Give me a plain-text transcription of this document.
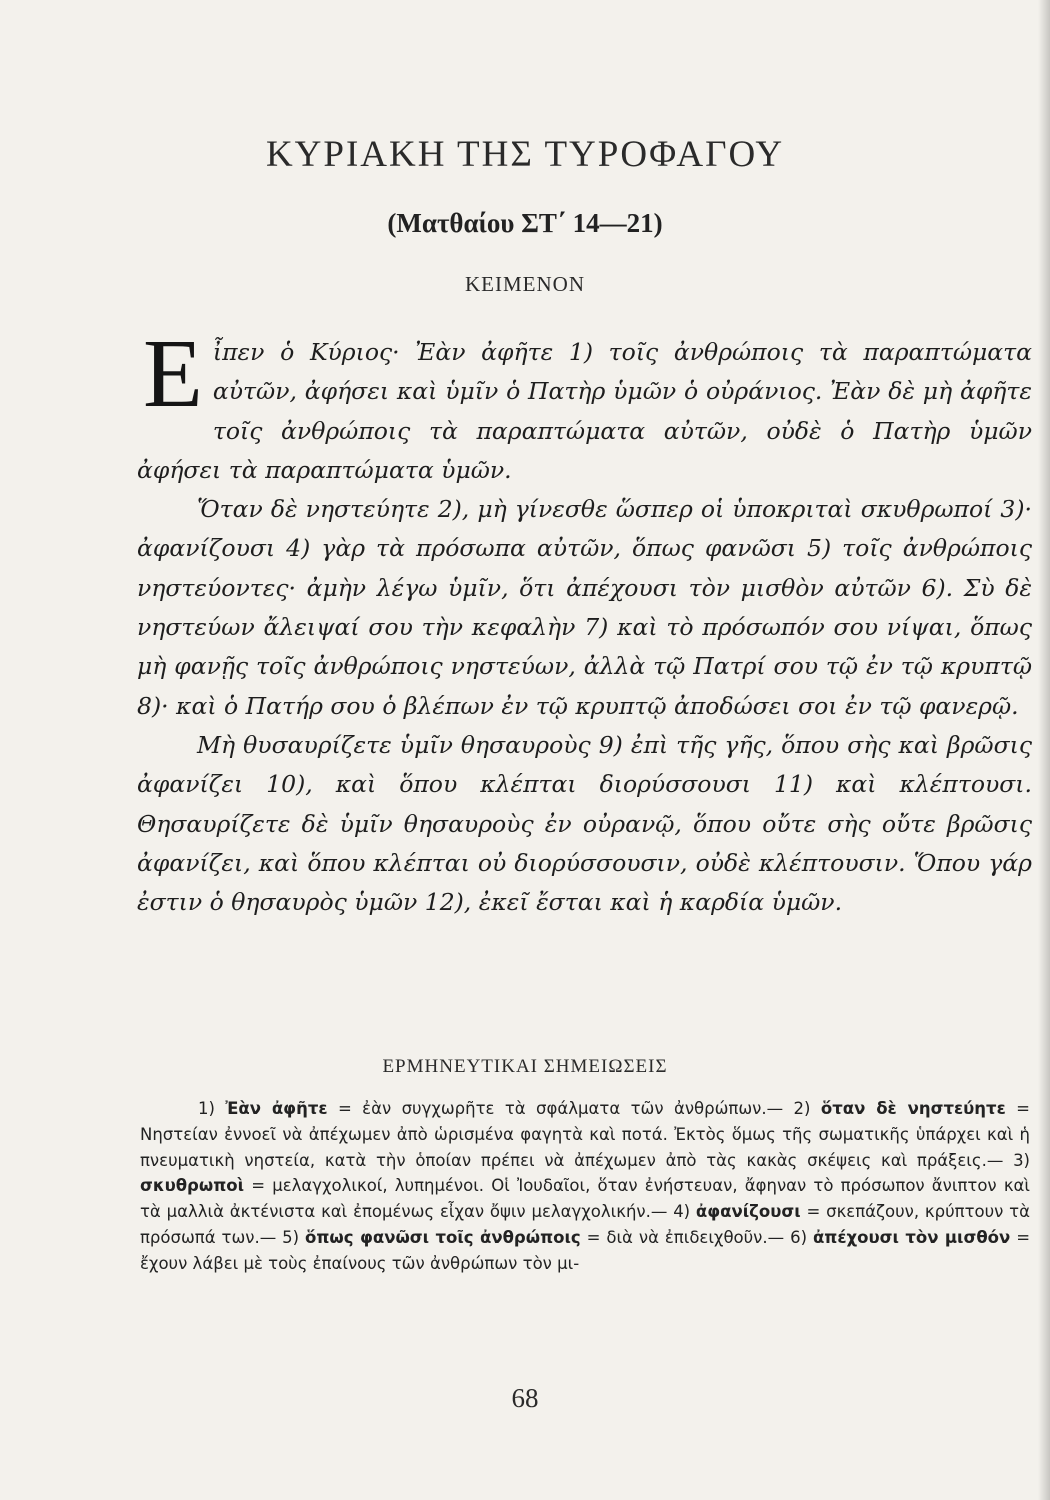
ΚΥΡΙΑΚΗ ΤΗΣ ΤΥΡΟΦΑΓΟΥ
(Ματθαίου ΣΤ΄ 14—21)
ΚΕΙΜΕΝΟΝ

Εἶπεν ὁ Κύριος· Ἐὰν ἀφῆτε 1) τοῖς ἀνθρώποις τὰ παραπτώματα αὐτῶν, ἀφήσει καὶ ὑμῖν ὁ Πατὴρ ὑμῶν ὁ οὐράνιος. Ἐὰν δὲ μὴ ἀφῆτε τοῖς ἀνθρώποις τὰ παραπτώματα αὐτῶν, οὐδὲ ὁ Πατὴρ ὑμῶν ἀφήσει τὰ παραπτώματα ὑμῶν.

Ὅταν δὲ νηστεύητε 2), μὴ γίνεσθε ὥσπερ οἱ ὑποκριταὶ σκυθρωποί 3)· ἀφανίζουσι 4) γὰρ τὰ πρόσωπα αὐτῶν, ὅπως φανῶσι 5) τοῖς ἀνθρώποις νηστεύοντες· ἀμὴν λέγω ὑμῖν, ὅτι ἀπέχουσι τὸν μισθὸν αὐτῶν 6). Σὺ δὲ νηστεύων ἄλειψαί σου τὴν κεφαλὴν 7) καὶ τὸ πρόσωπόν σου νίψαι, ὅπως μὴ φανῇς τοῖς ἀνθρώποις νηστεύων, ἀλλὰ τῷ Πατρί σου τῷ ἐν τῷ κρυπτῷ 8)· καὶ ὁ Πατήρ σου ὁ βλέπων ἐν τῷ κρυπτῷ ἀποδώσει σοι ἐν τῷ φανερῷ.

Μὴ θυσαυρίζετε ὑμῖν θησαυροὺς 9) ἐπὶ τῆς γῆς, ὅπου σὴς καὶ βρῶσις ἀφανίζει 10), καὶ ὅπου κλέπται διορύσσουσι 11) καὶ κλέπτουσι. Θησαυρίζετε δὲ ὑμῖν θησαυροὺς ἐν οὐρανῷ, ὅπου οὔτε σὴς οὔτε βρῶσις ἀφανίζει, καὶ ὅπου κλέπται οὐ διορύσσουσιν, οὐδὲ κλέπτουσιν. Ὅπου γάρ ἐστιν ὁ θησαυρὸς ὑμῶν 12), ἐκεῖ ἔσται καὶ ἡ καρδία ὑμῶν.

ΕΡΜΗΝΕΥΤΙΚΑΙ ΣΗΜΕΙΩΣΕΙΣ

1) Ἐὰν ἀφῆτε = ἐὰν συγχωρῆτε τὰ σφάλματα τῶν ἀνθρώπων.— 2) ὅταν δὲ νηστεύητε = Νηστείαν ἐννοεῖ νὰ ἀπέχωμεν ἀπὸ ὡρισμένα φαγητὰ καὶ ποτά. Ἐκτὸς ὅμως τῆς σωματικῆς ὑπάρχει καὶ ἡ πνευματικὴ νηστεία, κατὰ τὴν ὁποίαν πρέπει νὰ ἀπέχωμεν ἀπὸ τὰς κακὰς σκέψεις καὶ πράξεις.— 3) σκυθρωποὶ = μελαγχολικοί, λυπημένοι. Οἱ Ἰουδαῖοι, ὅταν ἐνήστευαν, ἄφηναν τὸ πρόσωπον ἄνιπτον καὶ τὰ μαλλιὰ ἀκτένιστα καὶ ἐπομένως εἶχαν ὄψιν μελαγχολικήν.— 4) ἀφανίζουσι = σκεπάζουν, κρύπτουν τὰ πρόσωπά των.— 5) ὅπως φανῶσι τοῖς ἀνθρώποις = διὰ νὰ ἐπιδειχθοῦν.— 6) ἀπέχουσι τὸν μισθόν = ἔχουν λάβει μὲ τοὺς ἐπαίνους τῶν ἀνθρώπων τὸν μι-

68
